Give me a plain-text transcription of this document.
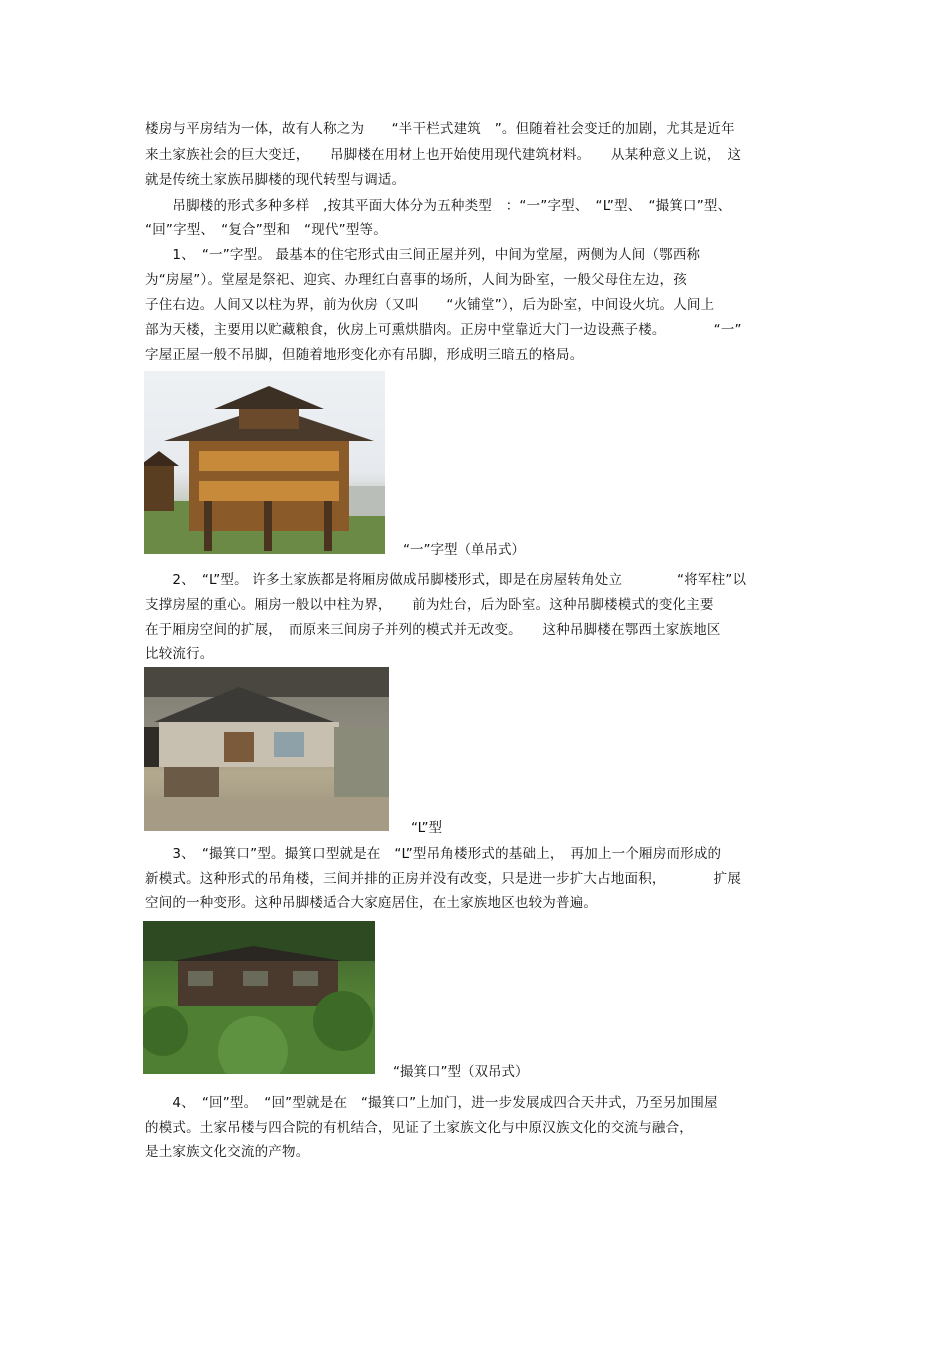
楼房与平房结为一体，故有人称之为　　“半干栏式建筑　”。但随着社会变迁的加剧，尤其是近年
来土家族社会的巨大变迁，　　吊脚楼在用材上也开始使用现代建筑材料。　　从某种意义上说，　这
就是传统土家族吊脚楼的现代转型与调适。
　　吊脚楼的形式多种多样　,按其平面大体分为五种类型　：“一”字型、　“L”型、　“撮箕口”型、
“回”字型、　“复合”型和　“现代”型等。
　　1、　“一”字型。 最基本的住宅形式由三间正屋并列，中间为堂屋，两侧为人间（鄂西称
为“房屋”）。堂屋是祭祀、迎宾、办理红白喜事的场所，人间为卧室，一般父母住左边，孩
子住右边。人间又以柱为界，前为伙房（又叫　　“火铺堂”），后为卧室，中间设火坑。人间上
部为天楼，主要用以贮藏粮食，伙房上可熏烘腊肉。正房中堂靠近大门一边设燕子楼。　　　　“一”
字屋正屋一般不吊脚，但随着地形变化亦有吊脚，形成明三暗五的格局。
“一”字型（单吊式）
　　2、　“L”型。 许多土家族都是将厢房做成吊脚楼形式，即是在房屋转角处立　　　　“将军柱”以
支撑房屋的重心。厢房一般以中柱为界，　　前为灶台，后为卧室。这种吊脚楼模式的变化主要
在于厢房空间的扩展，　而原来三间房子并列的模式并无改变。　　这种吊脚楼在鄂西土家族地区
比较流行。
“L”型
　　3、　“撮箕口”型。撮箕口型就是在　“L”型吊角楼形式的基础上，　再加上一个厢房而形成的
新模式。这种形式的吊角楼，三间并排的正房并没有改变，只是进一步扩大占地面积，　　　　扩展
空间的一种变形。这种吊脚楼适合大家庭居住，在土家族地区也较为普遍。
“撮箕口”型（双吊式）
　　4、　“回”型。　“回”型就是在　“撮箕口”上加门，进一步发展成四合天井式，乃至另加围屋
的模式。土家吊楼与四合院的有机结合，见证了土家族文化与中原汉族文化的交流与融合，
是土家族文化交流的产物。
